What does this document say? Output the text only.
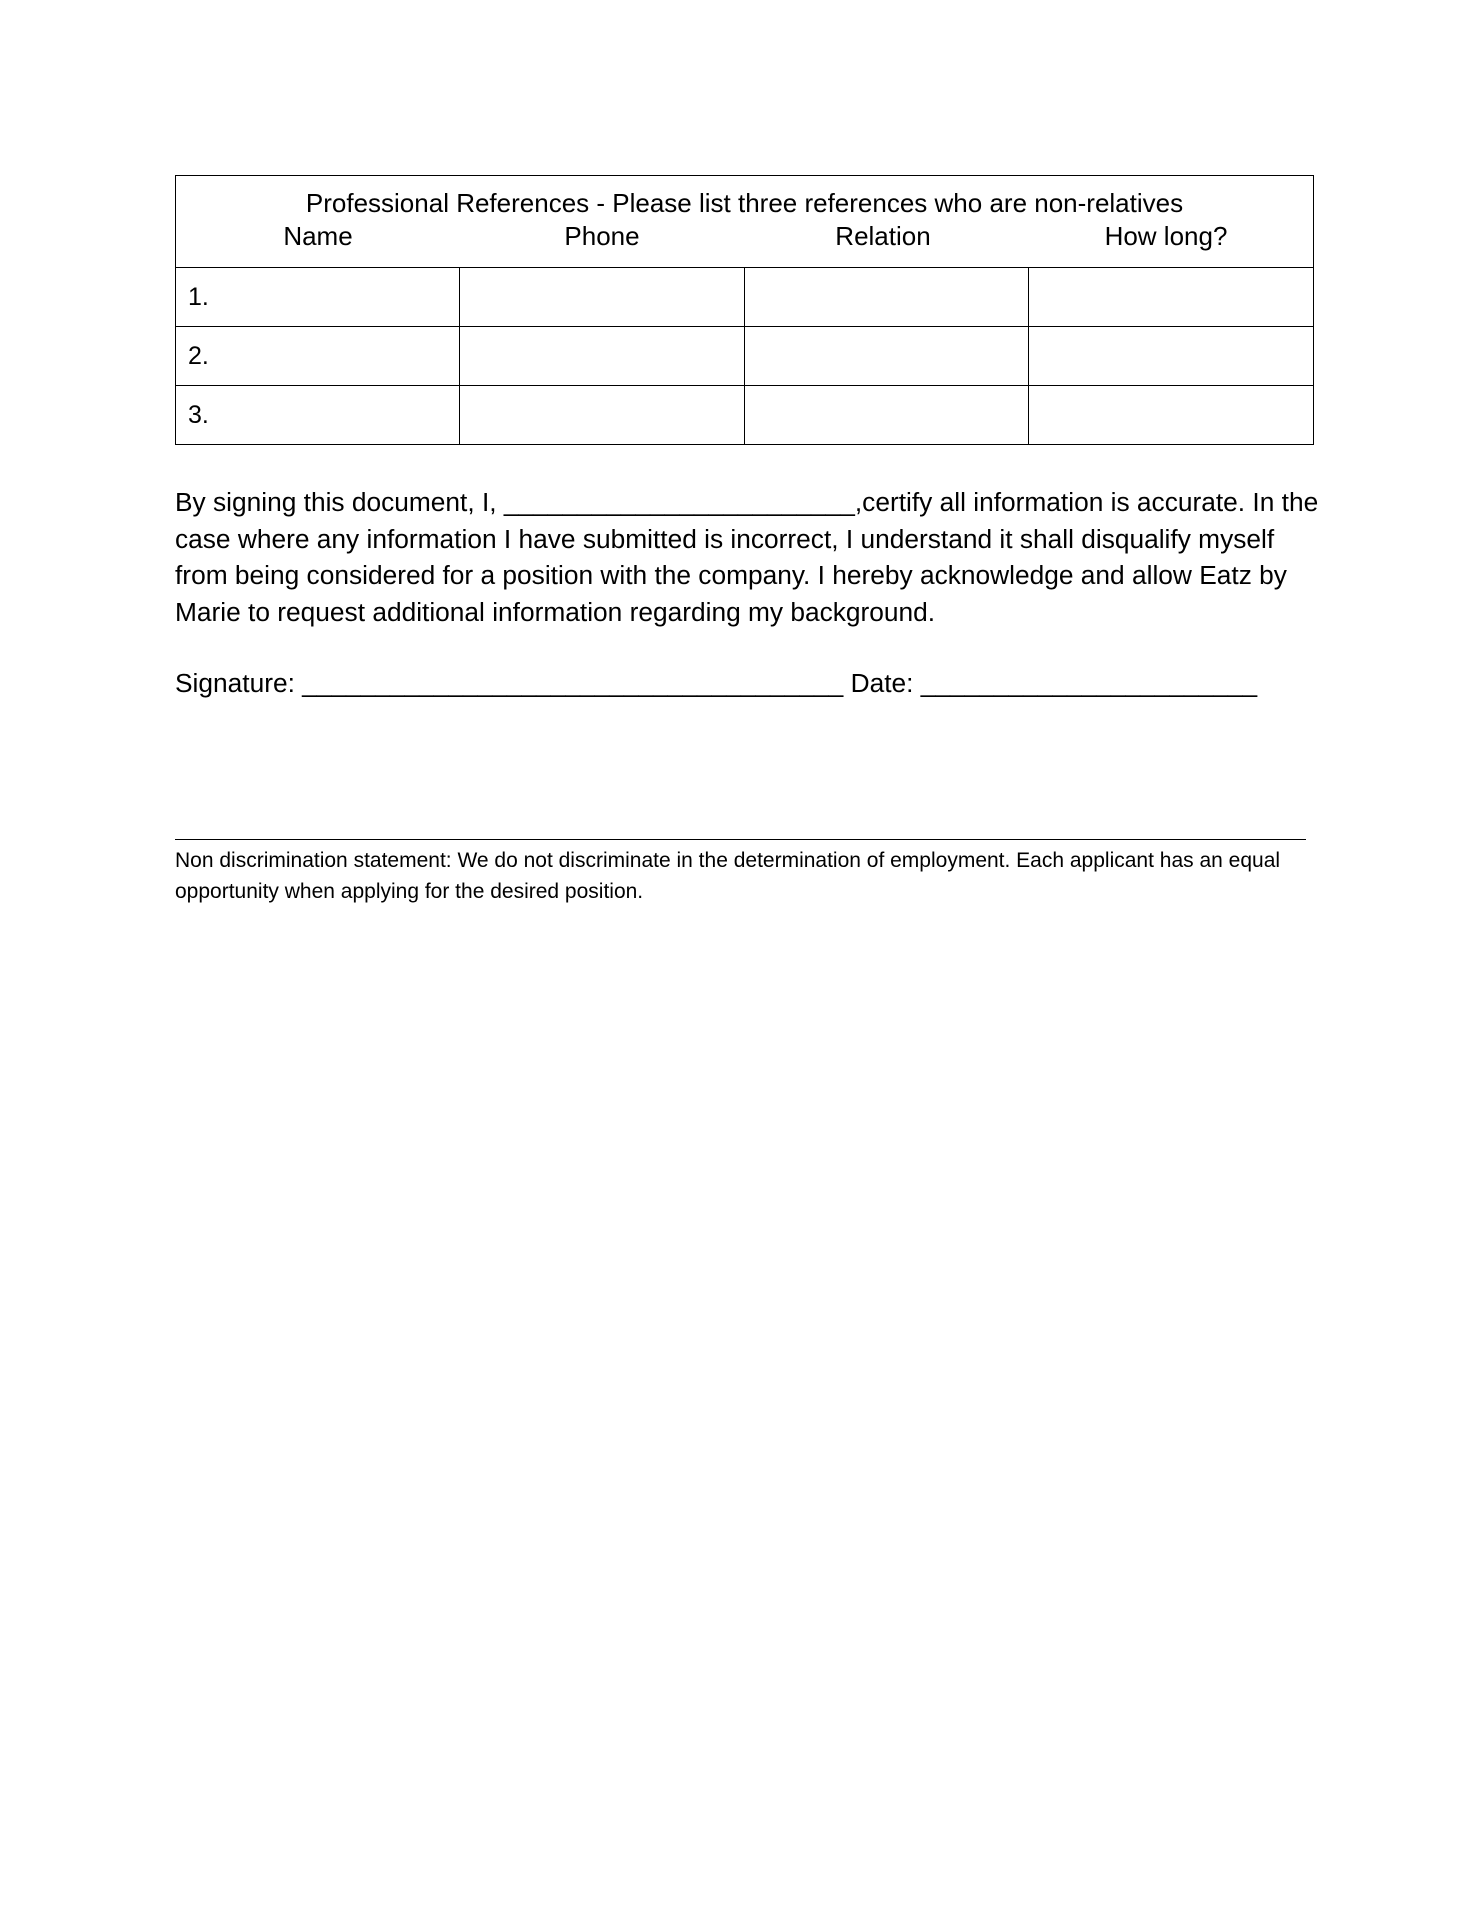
Professional References - Please list three references who are non-relatives
Name Phone Relation How long?			

1.			
2.			
3.			

By signing this document, I, ________________________,certify all information is accurate. In the case where any information I have submitted is incorrect, I understand it shall disqualify myself from being considered for a position with the company. I hereby acknowledge and allow Eatz by Marie to request additional information regarding my background.

Signature: _____________________________________ Date: _______________________

Non discrimination statement: We do not discriminate in the determination of employment. Each applicant has an equal opportunity when applying for the desired position.
